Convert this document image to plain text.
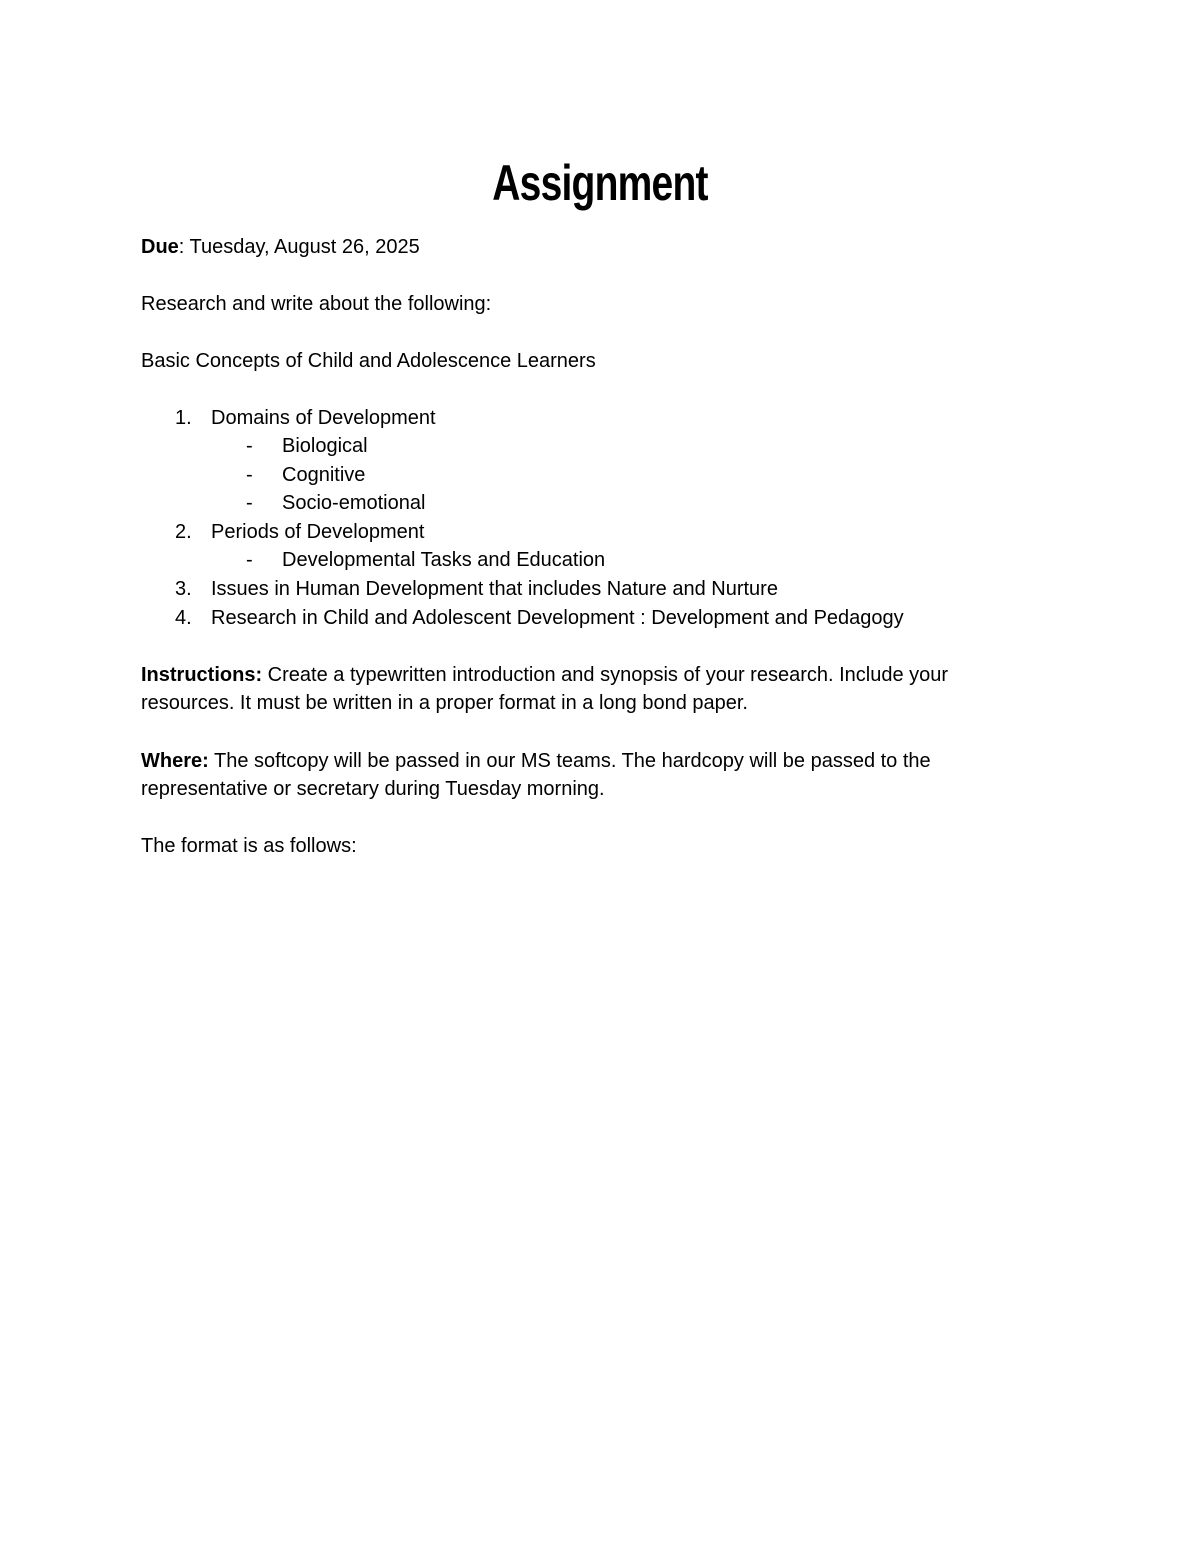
Assignment
Due: Tuesday, August 26, 2025
Research and write about the following:
Basic Concepts of Child and Adolescence Learners
1. Domains of Development
- Biological
- Cognitive
- Socio-emotional
2. Periods of Development
- Developmental Tasks and Education
3. Issues in Human Development that includes Nature and Nurture
4. Research in Child and Adolescent Development : Development and Pedagogy
Instructions: Create a typewritten introduction and synopsis of your research. Include your
resources. It must be written in a proper format in a long bond paper.
Where: The softcopy will be passed in our MS teams. The hardcopy will be passed to the
representative or secretary during Tuesday morning.
The format is as follows:
